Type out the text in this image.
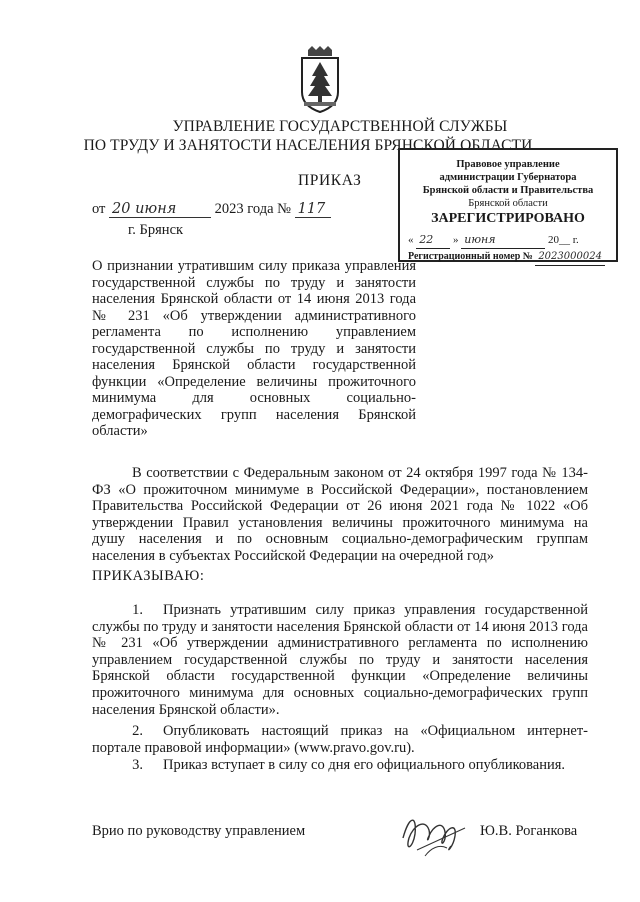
УПРАВЛЕНИЕ ГОСУДАРСТВЕННОЙ СЛУЖБЫ
ПО ТРУДУ И ЗАНЯТОСТИ НАСЕЛЕНИЯ БРЯНСКОЙ ОБЛАСТИ
ПРИКАЗ
от 20 июня	2023 года № 117
г. Брянск
Правовое управление
администрации Губернатора
Брянской области и Правительства
Брянской области
ЗАРЕГИСТРИРОВАНО
« 22 » июня	20__ г.
Регистрационный номер № 2023000024
О признании утратившим силу приказа управления государственной службы по труду и занятости населения Брянской области от 14 июня 2013 года № 231 «Об утверждении административного регламента по исполнению управлением государственной службы по труду и занятости населения Брянской области государственной функции «Определение величины прожиточного минимума для основных социально-демографических групп населения Брянской области»
В соответствии с Федеральным законом от 24 октября 1997 года № 134-ФЗ «О прожиточном минимуме в Российской Федерации», постановлением Правительства Российской Федерации от 26 июня 2021 года № 1022 «Об утверждении Правил установления величины прожиточного минимума на душу населения и по основным социально-демографическим группам населения в субъектах Российской Федерации на очередной год»
ПРИКАЗЫВАЮ:
1. Признать утратившим силу приказ управления государственной службы по труду и занятости населения Брянской области от 14 июня 2013 года № 231 «Об утверждении административного регламента по исполнению управлением государственной службы по труду и занятости населения Брянской области государственной функции «Определение величины прожиточного минимума для основных социально-демографических групп населения Брянской области».
2. Опубликовать настоящий приказ на «Официальном интернет-портале правовой информации» (www.pravo.gov.ru).
3. Приказ вступает в силу со дня его официального опубликования.
Врио по руководству управлением	Ю.В. Роганкова
